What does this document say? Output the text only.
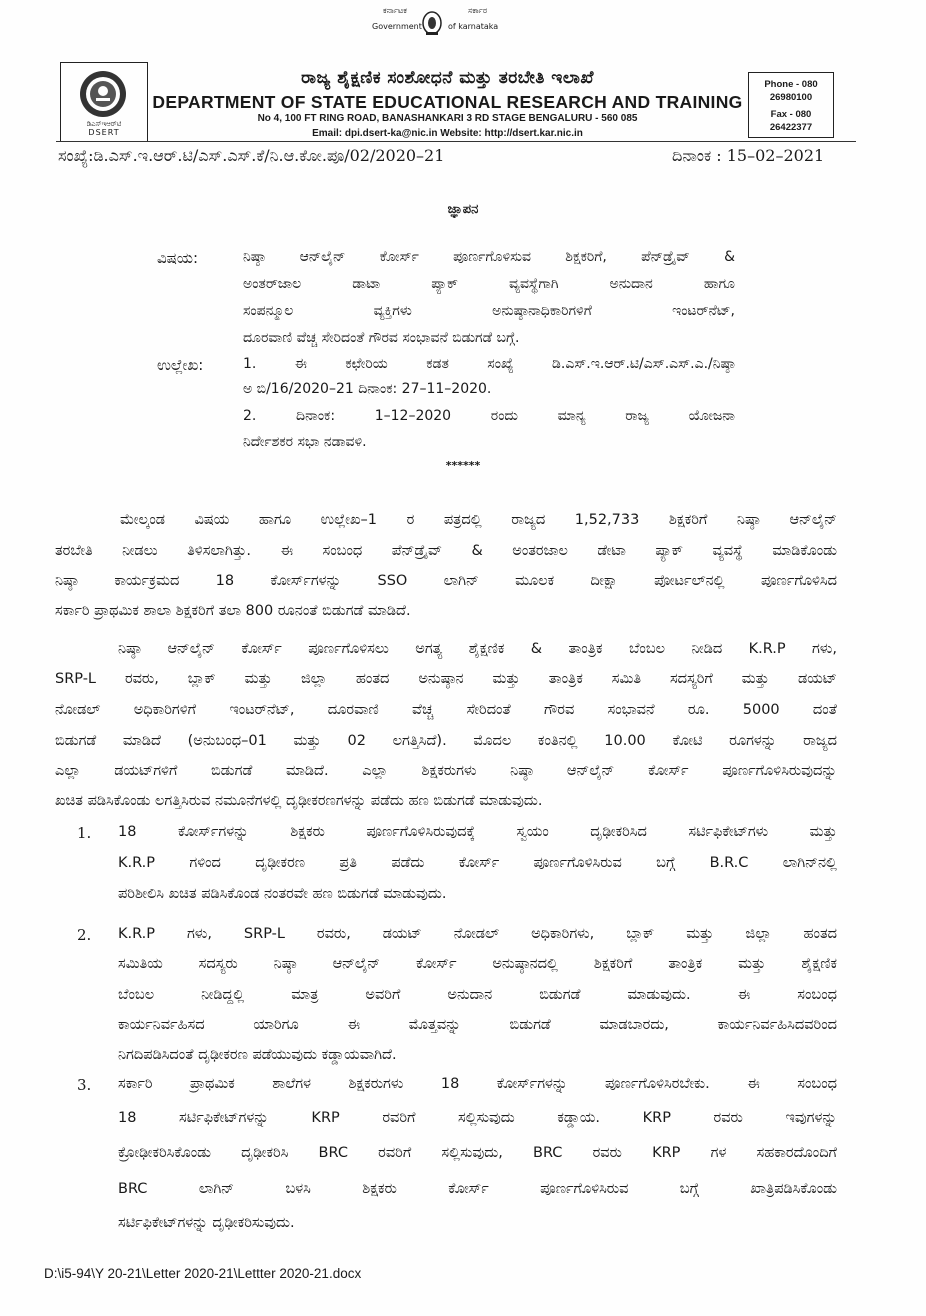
ಕರ್ನಾಟಕ	ಸರ್ಕಾರ
Government	of karnataka
ಡಿಎಸ್ಇಆರ್‌ಟಿ
DSERT
ರಾಜ್ಯ ಶೈಕ್ಷಣಿಕ ಸಂಶೋಧನೆ ಮತ್ತು ತರಬೇತಿ ಇಲಾಖೆ
DEPARTMENT OF STATE EDUCATIONAL RESEARCH AND TRAINING
No 4, 100 FT RING ROAD, BANASHANKARI 3 RD STAGE BENGALURU - 560 085
Email: dpi.dsert-ka@nic.in Website: http://dsert.kar.nic.in
Phone - 080
26980100
Fax - 080
26422377
ಸಂಖ್ಯೆ:ಡಿ.ಎಸ್.ಇ.ಆರ್.ಟಿ/ಎಸ್.ಎಸ್.ಕೆ/ನಿ.ಆ.ಕೋ.ಪೂ/02/2020–21	ದಿನಾಂಕ : 15–02–2021
ಜ್ಞಾಪನ
ವಿಷಯ:	ನಿಷ್ಠಾ ಆನ್‌ಲೈನ್ ಕೋರ್ಸ್ ಪೂರ್ಣಗೊಳಿಸುವ ಶಿಕ್ಷಕರಿಗೆ, ಪೆನ್‌ಡ್ರೈವ್ &
ಅಂತರ್‌ಜಾಲ ಡಾಟಾ ಪ್ಯಾಕ್ ವ್ಯವಸ್ಥೆಗಾಗಿ ಅನುದಾನ ಹಾಗೂ
ಸಂಪನ್ಮೂಲ ವ್ಯಕ್ತಿಗಳು ಅನುಷ್ಠಾನಾಧಿಕಾರಿಗಳಿಗೆ ಇಂಟರ್‌ನೆಟ್,
ದೂರವಾಣಿ ವೆಚ್ಚ ಸೇರಿದಂತೆ ಗೌರವ ಸಂಭಾವನೆ ಬಿಡುಗಡೆ ಬಗ್ಗೆ.
ಉಲ್ಲೇಖ:	1. ಈ ಕಛೇರಿಯ ಕಡತ ಸಂಖ್ಯೆ ಡಿ.ಎಸ್.ಇ.ಆರ್.ಟಿ/ಎಸ್.ಎಸ್.ಎ./ನಿಷ್ಠಾ
ಅ ಬಿ/16/2020–21 ದಿನಾಂಕ: 27–11–2020.
2. ದಿನಾಂಕ: 1–12–2020 ರಂದು ಮಾನ್ಯ ರಾಜ್ಯ ಯೋಜನಾ
ನಿರ್ದೇಶಕರ ಸಭಾ ನಡಾವಳಿ.
******
ಮೇಲ್ಕಂಡ ವಿಷಯ ಹಾಗೂ ಉಲ್ಲೇಖ–1 ರ ಪತ್ರದಲ್ಲಿ ರಾಜ್ಯದ 1,52,733 ಶಿಕ್ಷಕರಿಗೆ ನಿಷ್ಠಾ ಆನ್‌ಲೈನ್
ತರಬೇತಿ ನೀಡಲು ತಿಳಿಸಲಾಗಿತ್ತು. ಈ ಸಂಬಂಧ ಪೆನ್‌ಡ್ರೈವ್ & ಅಂತರಜಾಲ ಡೇಟಾ ಪ್ಯಾಕ್ ವ್ಯವಸ್ಥೆ ಮಾಡಿಕೊಂಡು
ನಿಷ್ಠಾ ಕಾರ್ಯಕ್ರಮದ 18 ಕೋರ್ಸ್‌ಗಳನ್ನು SSO ಲಾಗಿನ್ ಮೂಲಕ ದೀಕ್ಷಾ ಪೋರ್ಟಲ್‌ನಲ್ಲಿ ಪೂರ್ಣಗೊಳಿಸಿದ
ಸರ್ಕಾರಿ ಪ್ರಾಥಮಿಕ ಶಾಲಾ ಶಿಕ್ಷಕರಿಗೆ ತಲಾ 800 ರೂನಂತೆ ಬಿಡುಗಡೆ ಮಾಡಿದೆ.
ನಿಷ್ಠಾ ಆನ್‌ಲೈನ್ ಕೋರ್ಸ್ ಪೂರ್ಣಗೊಳಿಸಲು ಅಗತ್ಯ ಶೈಕ್ಷಣಿಕ & ತಾಂತ್ರಿಕ ಬೆಂಬಲ ನೀಡಿದ K.R.P ಗಳು,
SRP-L ರವರು, ಬ್ಲಾಕ್ ಮತ್ತು ಜಿಲ್ಲಾ ಹಂತದ ಅನುಷ್ಠಾನ ಮತ್ತು ತಾಂತ್ರಿಕ ಸಮಿತಿ ಸದಸ್ಯರಿಗೆ ಮತ್ತು ಡಯಟ್
ನೋಡಲ್ ಅಧಿಕಾರಿಗಳಿಗೆ ಇಂಟರ್‌ನೆಟ್, ದೂರವಾಣಿ ವೆಚ್ಚ ಸೇರಿದಂತೆ ಗೌರವ ಸಂಭಾವನೆ ರೂ. 5000 ದಂತೆ
ಬಿಡುಗಡೆ ಮಾಡಿದೆ (ಅನುಬಂಧ–01 ಮತ್ತು 02 ಲಗತ್ತಿಸಿದೆ). ಮೊದಲ ಕಂತಿನಲ್ಲಿ 10.00 ಕೋಟಿ ರೂಗಳನ್ನು ರಾಜ್ಯದ
ಎಲ್ಲಾ ಡಯಟ್‌ಗಳಿಗೆ ಬಿಡುಗಡೆ ಮಾಡಿದೆ. ಎಲ್ಲಾ ಶಿಕ್ಷಕರುಗಳು ನಿಷ್ಠಾ ಆನ್‌ಲೈನ್ ಕೋರ್ಸ್ ಪೂರ್ಣಗೊಳಿಸಿರುವುದನ್ನು
ಖಚಿತ ಪಡಿಸಿಕೊಂಡು ಲಗತ್ತಿಸಿರುವ ನಮೂನೆಗಳಲ್ಲಿ ದೃಢೀಕರಣಗಳನ್ನು ಪಡೆದು ಹಣ ಬಿಡುಗಡೆ ಮಾಡುವುದು.
1. 18 ಕೋರ್ಸ್‌ಗಳನ್ನು ಶಿಕ್ಷಕರು ಪೂರ್ಣಗೊಳಿಸಿರುವುದಕ್ಕೆ ಸ್ವಯಂ ದೃಢೀಕರಿಸಿದ ಸರ್ಟಿಫಿಕೇಟ್‌ಗಳು ಮತ್ತು
K.R.P ಗಳಿಂದ ದೃಢೀಕರಣ ಪ್ರತಿ ಪಡೆದು ಕೋರ್ಸ್ ಪೂರ್ಣಗೊಳಿಸಿರುವ ಬಗ್ಗೆ B.R.C ಲಾಗಿನ್‌ನಲ್ಲಿ
ಪರಿಶೀಲಿಸಿ ಖಚಿತ ಪಡಿಸಿಕೊಂಡ ನಂತರವೇ ಹಣ ಬಿಡುಗಡೆ ಮಾಡುವುದು.
2. K.R.P ಗಳು, SRP-L ರವರು, ಡಯಟ್ ನೋಡಲ್ ಅಧಿಕಾರಿಗಳು, ಬ್ಲಾಕ್ ಮತ್ತು ಜಿಲ್ಲಾ ಹಂತದ
ಸಮಿತಿಯ ಸದಸ್ಯರು ನಿಷ್ಠಾ ಆನ್‌ಲೈನ್ ಕೋರ್ಸ್ ಅನುಷ್ಠಾನದಲ್ಲಿ ಶಿಕ್ಷಕರಿಗೆ ತಾಂತ್ರಿಕ ಮತ್ತು ಶೈಕ್ಷಣಿಕ
ಬೆಂಬಲ ನೀಡಿದ್ದಲ್ಲಿ ಮಾತ್ರ ಅವರಿಗೆ ಅನುದಾನ ಬಿಡುಗಡೆ ಮಾಡುವುದು. ಈ ಸಂಬಂಧ
ಕಾರ್ಯನಿರ್ವಹಿಸದ ಯಾರಿಗೂ ಈ ಮೊತ್ತವನ್ನು ಬಿಡುಗಡೆ ಮಾಡಬಾರದು, ಕಾರ್ಯನಿರ್ವಹಿಸಿದವರಿಂದ
ನಿಗದಿಪಡಿಸಿದಂತೆ ದೃಢೀಕರಣ ಪಡೆಯುವುದು ಕಡ್ಡಾಯವಾಗಿದೆ.
3. ಸರ್ಕಾರಿ ಪ್ರಾಥಮಿಕ ಶಾಲೆಗಳ ಶಿಕ್ಷಕರುಗಳು 18 ಕೋರ್ಸ್‌ಗಳನ್ನು ಪೂರ್ಣಗೊಳಿಸಿರಬೇಕು. ಈ ಸಂಬಂಧ
18 ಸರ್ಟಿಫಿಕೇಟ್‌ಗಳನ್ನು KRP ರವರಿಗೆ ಸಲ್ಲಿಸುವುದು ಕಡ್ಡಾಯ. KRP ರವರು ಇವುಗಳನ್ನು
ಕ್ರೋಢೀಕರಿಸಿಕೊಂಡು ದೃಢೀಕರಿಸಿ BRC ರವರಿಗೆ ಸಲ್ಲಿಸುವುದು, BRC ರವರು KRP ಗಳ ಸಹಕಾರದೊಂದಿಗೆ
BRC ಲಾಗಿನ್ ಬಳಸಿ ಶಿಕ್ಷಕರು ಕೋರ್ಸ್ ಪೂರ್ಣಗೊಳಿಸಿರುವ ಬಗ್ಗೆ ಖಾತ್ರಿಪಡಿಸಿಕೊಂಡು
ಸರ್ಟಿಫಿಕೇಟ್‌ಗಳನ್ನು ದೃಢೀಕರಿಸುವುದು.
D:\i5-94\Y 20-21\Letter 2020-21\Lettter 2020-21.docx
